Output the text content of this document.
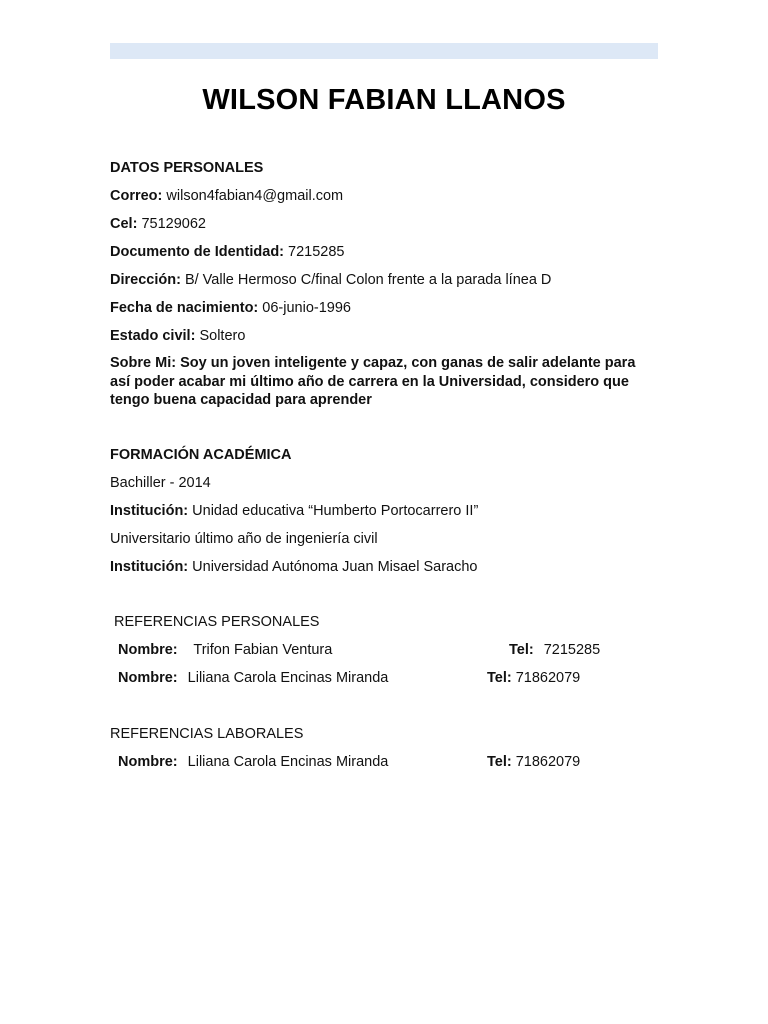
WILSON FABIAN LLANOS
DATOS PERSONALES
Correo: wilson4fabian4@gmail.com
Cel: 75129062
Documento de Identidad: 7215285
Dirección: B/ Valle Hermoso C/final Colon frente a la parada línea D
Fecha de nacimiento: 06-junio-1996
Estado civil: Soltero
Sobre Mi: Soy un joven inteligente y capaz, con ganas de salir adelante para así poder acabar mi último año de carrera en la Universidad, considero que tengo buena capacidad para aprender
FORMACIÓN ACADÉMICA
Bachiller - 2014
Institución: Unidad educativa “Humberto Portocarrero II”
Universitario último año de ingeniería civil
Institución: Universidad Autónoma Juan Misael Saracho
REFERENCIAS PERSONALES
Nombre: Trifon Fabian Ventura	Tel: 7215285
Nombre: Liliana Carola Encinas Miranda	Tel: 71862079
REFERENCIAS LABORALES
Nombre: Liliana Carola Encinas Miranda	Tel: 71862079
